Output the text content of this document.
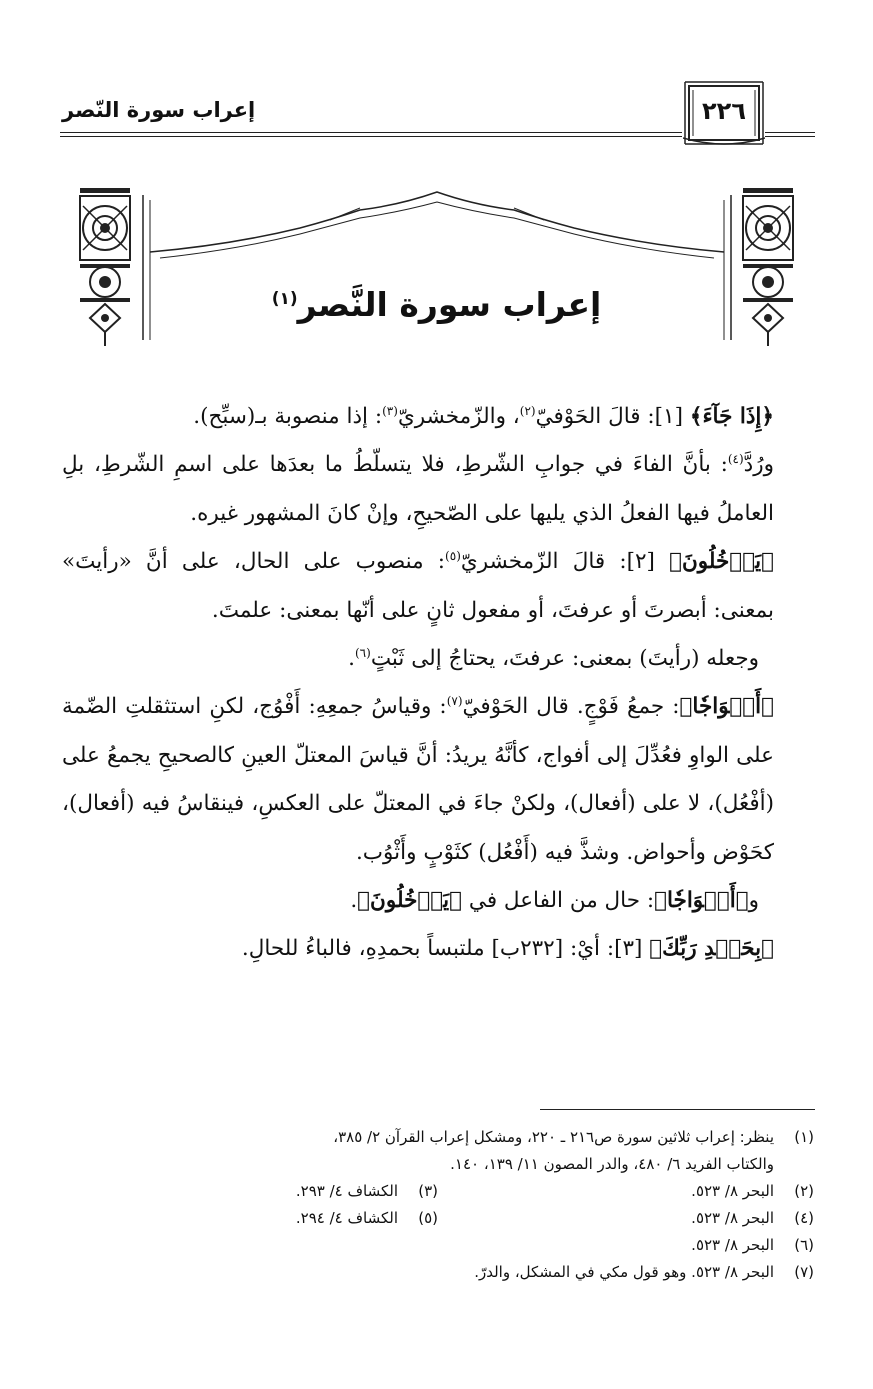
إعراب سورة النّصر	٢٢٦
إعراب سورة النَّصر$^{(١)}$

﴿إِذَا جَآءَ﴾ [١]: قالَ الحَوْفيّ$^{(٢)}$، والزّمخشريّ$^{(٣)}$: إذا منصوبة بـ(سبِّح).

ورُدَّ$^{(٤)}$: بأنَّ الفاءَ في جوابِ الشّرطِ، فلا يتسلّطُ ما بعدَها على اسمِ الشّرطِ، بلِ العاملُ فيها الفعلُ الذي يليها على الصّحيحِ، وإنْ كانَ المشهور غيره.

﴿يَدۡخُلُونَ﴾ [٢]: قالَ الزّمخشريّ$^{(٥)}$: منصوب على الحال، على أنَّ «رأيتَ» بمعنى: أبصرتَ أو عرفتَ، أو مفعول ثانٍ على أنّها بمعنى: علمتَ.

وجعله (رأيتَ) بمعنى: عرفتَ، يحتاجُ إلى ثَبْتٍ$^{(٦)}$.

﴿أَفۡوَاجٗا﴾: جمعُ فَوْجٍ. قال الحَوْفيّ$^{(٧)}$: وقياسُ جمعِهِ: أَفْوُج، لكنِ استثقلتِ الضّمة على الواوِ فعُدِّلَ إلى أفواج، كأنَّهُ يريدُ: أنَّ قياسَ المعتلّ العينِ كالصحيحِ يجمعُ على (أفْعُل)، لا على (أفعال)، ولكنْ جاءَ في المعتلّ على العكسِ، فينقاسُ فيه (أفعال)، كحَوْض وأحواض. وشذَّ فيه (أَفْعُل) كثَوْبٍ وأَثْوُب.

و﴿أَفۡوَاجٗا﴾: حال من الفاعل في ﴿يَدۡخُلُونَ﴾.

﴿بِحَمۡدِ رَبِّكَ﴾ [٣]: أيْ: [٢٣٢ب] ملتبساً بحمدِهِ، فالباءُ للحالِ.

(١)ينظر: إعراب ثلاثين سورة ص٢١٦ ـ ٢٢٠، ومشكل إعراب القرآن ٢/ ٣٨٥،

والكتاب الفريد ٦/ ٤٨٠، والدر المصون ١١/ ١٣٩، ١٤٠.

(٢)البحر ٨/ ٥٢٣.
(٣)الكشاف ٤/ ٢٩٣.
(٤)البحر ٨/ ٥٢٣.
(٥)الكشاف ٤/ ٢٩٤.

(٦)البحر ٨/ ٥٢٣.

(٧)البحر ٨/ ٥٢٣. وهو قول مكي في المشكل، والدرّ.
